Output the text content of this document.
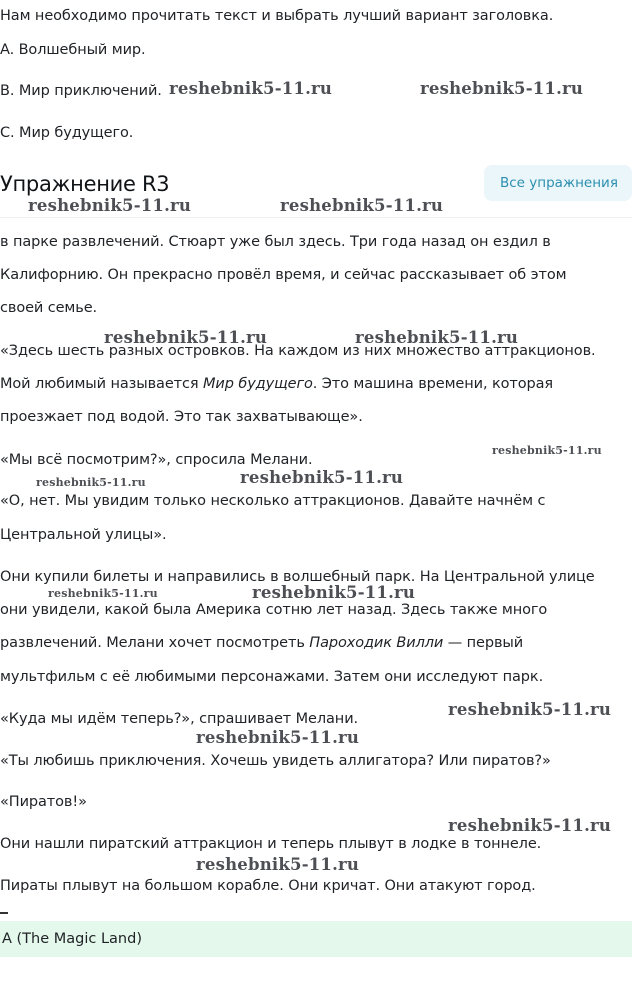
Нам необходимо прочитать текст и выбрать лучший вариант заголовка.

A. Волшебный мир.

B. Мир приключений.

C. Мир будущего.

Упражнение R3	Все упражнения

в парке развлечений. Стюарт уже был здесь. Три года назад он ездил в

Калифорнию. Он прекрасно провёл время, и сейчас рассказывает об этом

своей семье.

«Здесь шесть разных островков. На каждом из них множество аттракционов.

Мой любимый называется Мир будущего. Это машина времени, которая

проезжает под водой. Это так захватывающе».

«Мы всё посмотрим?», спросила Мелани.

«О, нет. Мы увидим только несколько аттракционов. Давайте начнём с

Центральной улицы».

Они купили билеты и направились в волшебный парк. На Центральной улице

они увидели, какой была Америка сотню лет назад. Здесь также много

развлечений. Мелани хочет посмотреть Пароходик Вилли — первый

мультфильм с её любимыми персонажами. Затем они исследуют парк.

«Куда мы идём теперь?», спрашивает Мелани.

«Ты любишь приключения. Хочешь увидеть аллигатора? Или пиратов?»

«Пиратов!»

Они нашли пиратский аттракцион и теперь плывут в лодке в тоннеле.

Пираты плывут на большом корабле. Они кричат. Они атакуют город.

A (The Magic Land)
reshebnik5-11.ru	reshebnik5-11.ru
reshebnik5-11.ru	reshebnik5-11.ru
reshebnik5-11.ru	reshebnik5-11.ru
reshebnik5-11.ru
reshebnik5-11.ru	reshebnik5-11.ru
reshebnik5-11.ru	reshebnik5-11.ru
reshebnik5-11.ru
reshebnik5-11.ru
reshebnik5-11.ru
reshebnik5-11.ru
